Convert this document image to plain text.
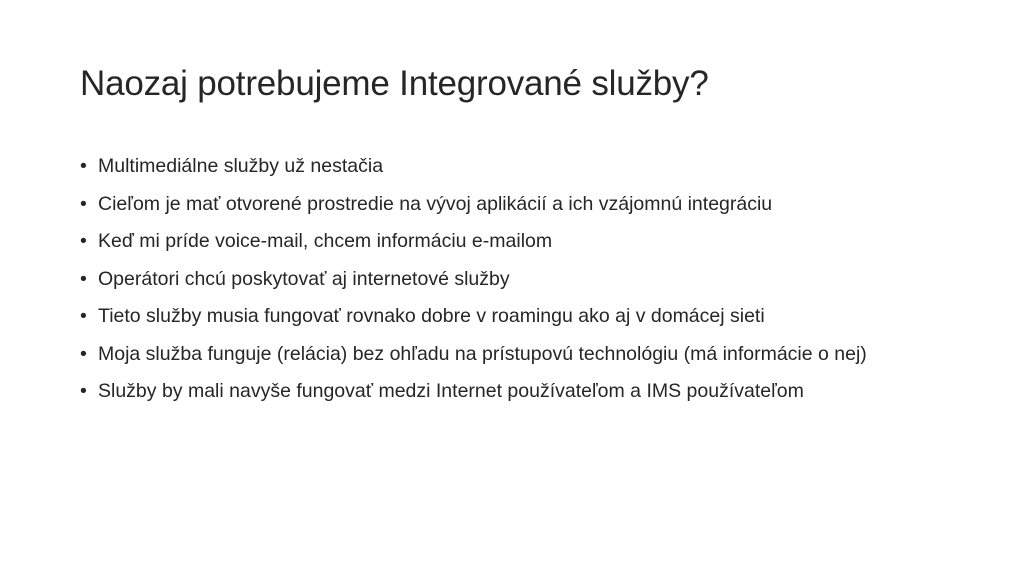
Naozaj potrebujeme Integrované služby?
• Multimediálne služby už nestačia
• Cieľom je mať otvorené prostredie na vývoj aplikácií a ich vzájomnú integráciu
• Keď mi príde voice-mail, chcem informáciu e-mailom
• Operátori chcú poskytovať aj internetové služby
• Tieto služby musia fungovať rovnako dobre v roamingu ako aj v domácej sieti
• Moja služba funguje (relácia) bez ohľadu na prístupovú technológiu (má informácie o nej)
• Služby by mali navyše fungovať medzi Internet používateľom a IMS používateľom
